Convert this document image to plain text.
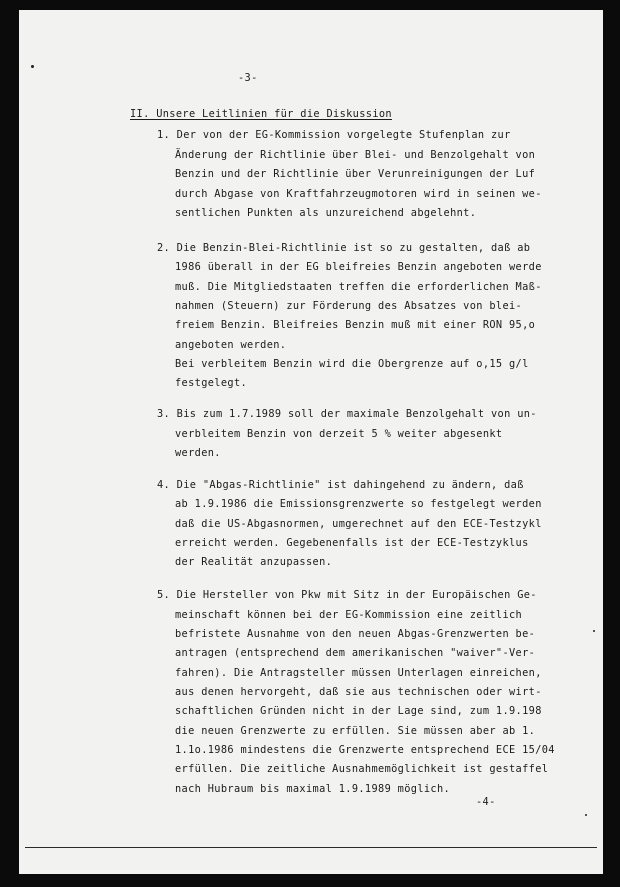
-3-
II. Unsere Leitlinien für die Diskussion
1. Der von der EG-Kommission vorgelegte Stufenplan zur
Änderung der Richtlinie über Blei- und Benzolgehalt von
Benzin und der Richtlinie über Verunreinigungen der Luf
durch Abgase von Kraftfahrzeugmotoren wird in seinen we-
sentlichen Punkten als unzureichend abgelehnt.
2. Die Benzin-Blei-Richtlinie ist so zu gestalten, daß ab
1986 überall in der EG bleifreies Benzin angeboten werde
muß. Die Mitgliedstaaten treffen die erforderlichen Maß-
nahmen (Steuern) zur Förderung des Absatzes von blei-
freiem Benzin. Bleifreies Benzin muß mit einer RON 95,o
angeboten werden.
Bei verbleitem Benzin wird die Obergrenze auf o,15 g/l
festgelegt.
3. Bis zum 1.7.1989 soll der maximale Benzolgehalt von un-
verbleitem Benzin von derzeit 5 % weiter abgesenkt
werden.
4. Die "Abgas-Richtlinie" ist dahingehend zu ändern, daß
ab 1.9.1986 die Emissionsgrenzwerte so festgelegt werden
daß die US-Abgasnormen, umgerechnet auf den ECE-Testzykl
erreicht werden. Gegebenenfalls ist der ECE-Testzyklus
der Realität anzupassen.
5. Die Hersteller von Pkw mit Sitz in der Europäischen Ge-
meinschaft können bei der EG-Kommission eine zeitlich
befristete Ausnahme von den neuen Abgas-Grenzwerten be-
antragen (entsprechend dem amerikanischen "waiver"-Ver-
fahren). Die Antragsteller müssen Unterlagen einreichen,
aus denen hervorgeht, daß sie aus technischen oder wirt-
schaftlichen Gründen nicht in der Lage sind, zum 1.9.198
die neuen Grenzwerte zu erfüllen. Sie müssen aber ab 1.
1.1o.1986 mindestens die Grenzwerte entsprechend ECE 15/04
erfüllen. Die zeitliche Ausnahmemöglichkeit ist gestaffel
nach Hubraum bis maximal 1.9.1989 möglich.
-4-
